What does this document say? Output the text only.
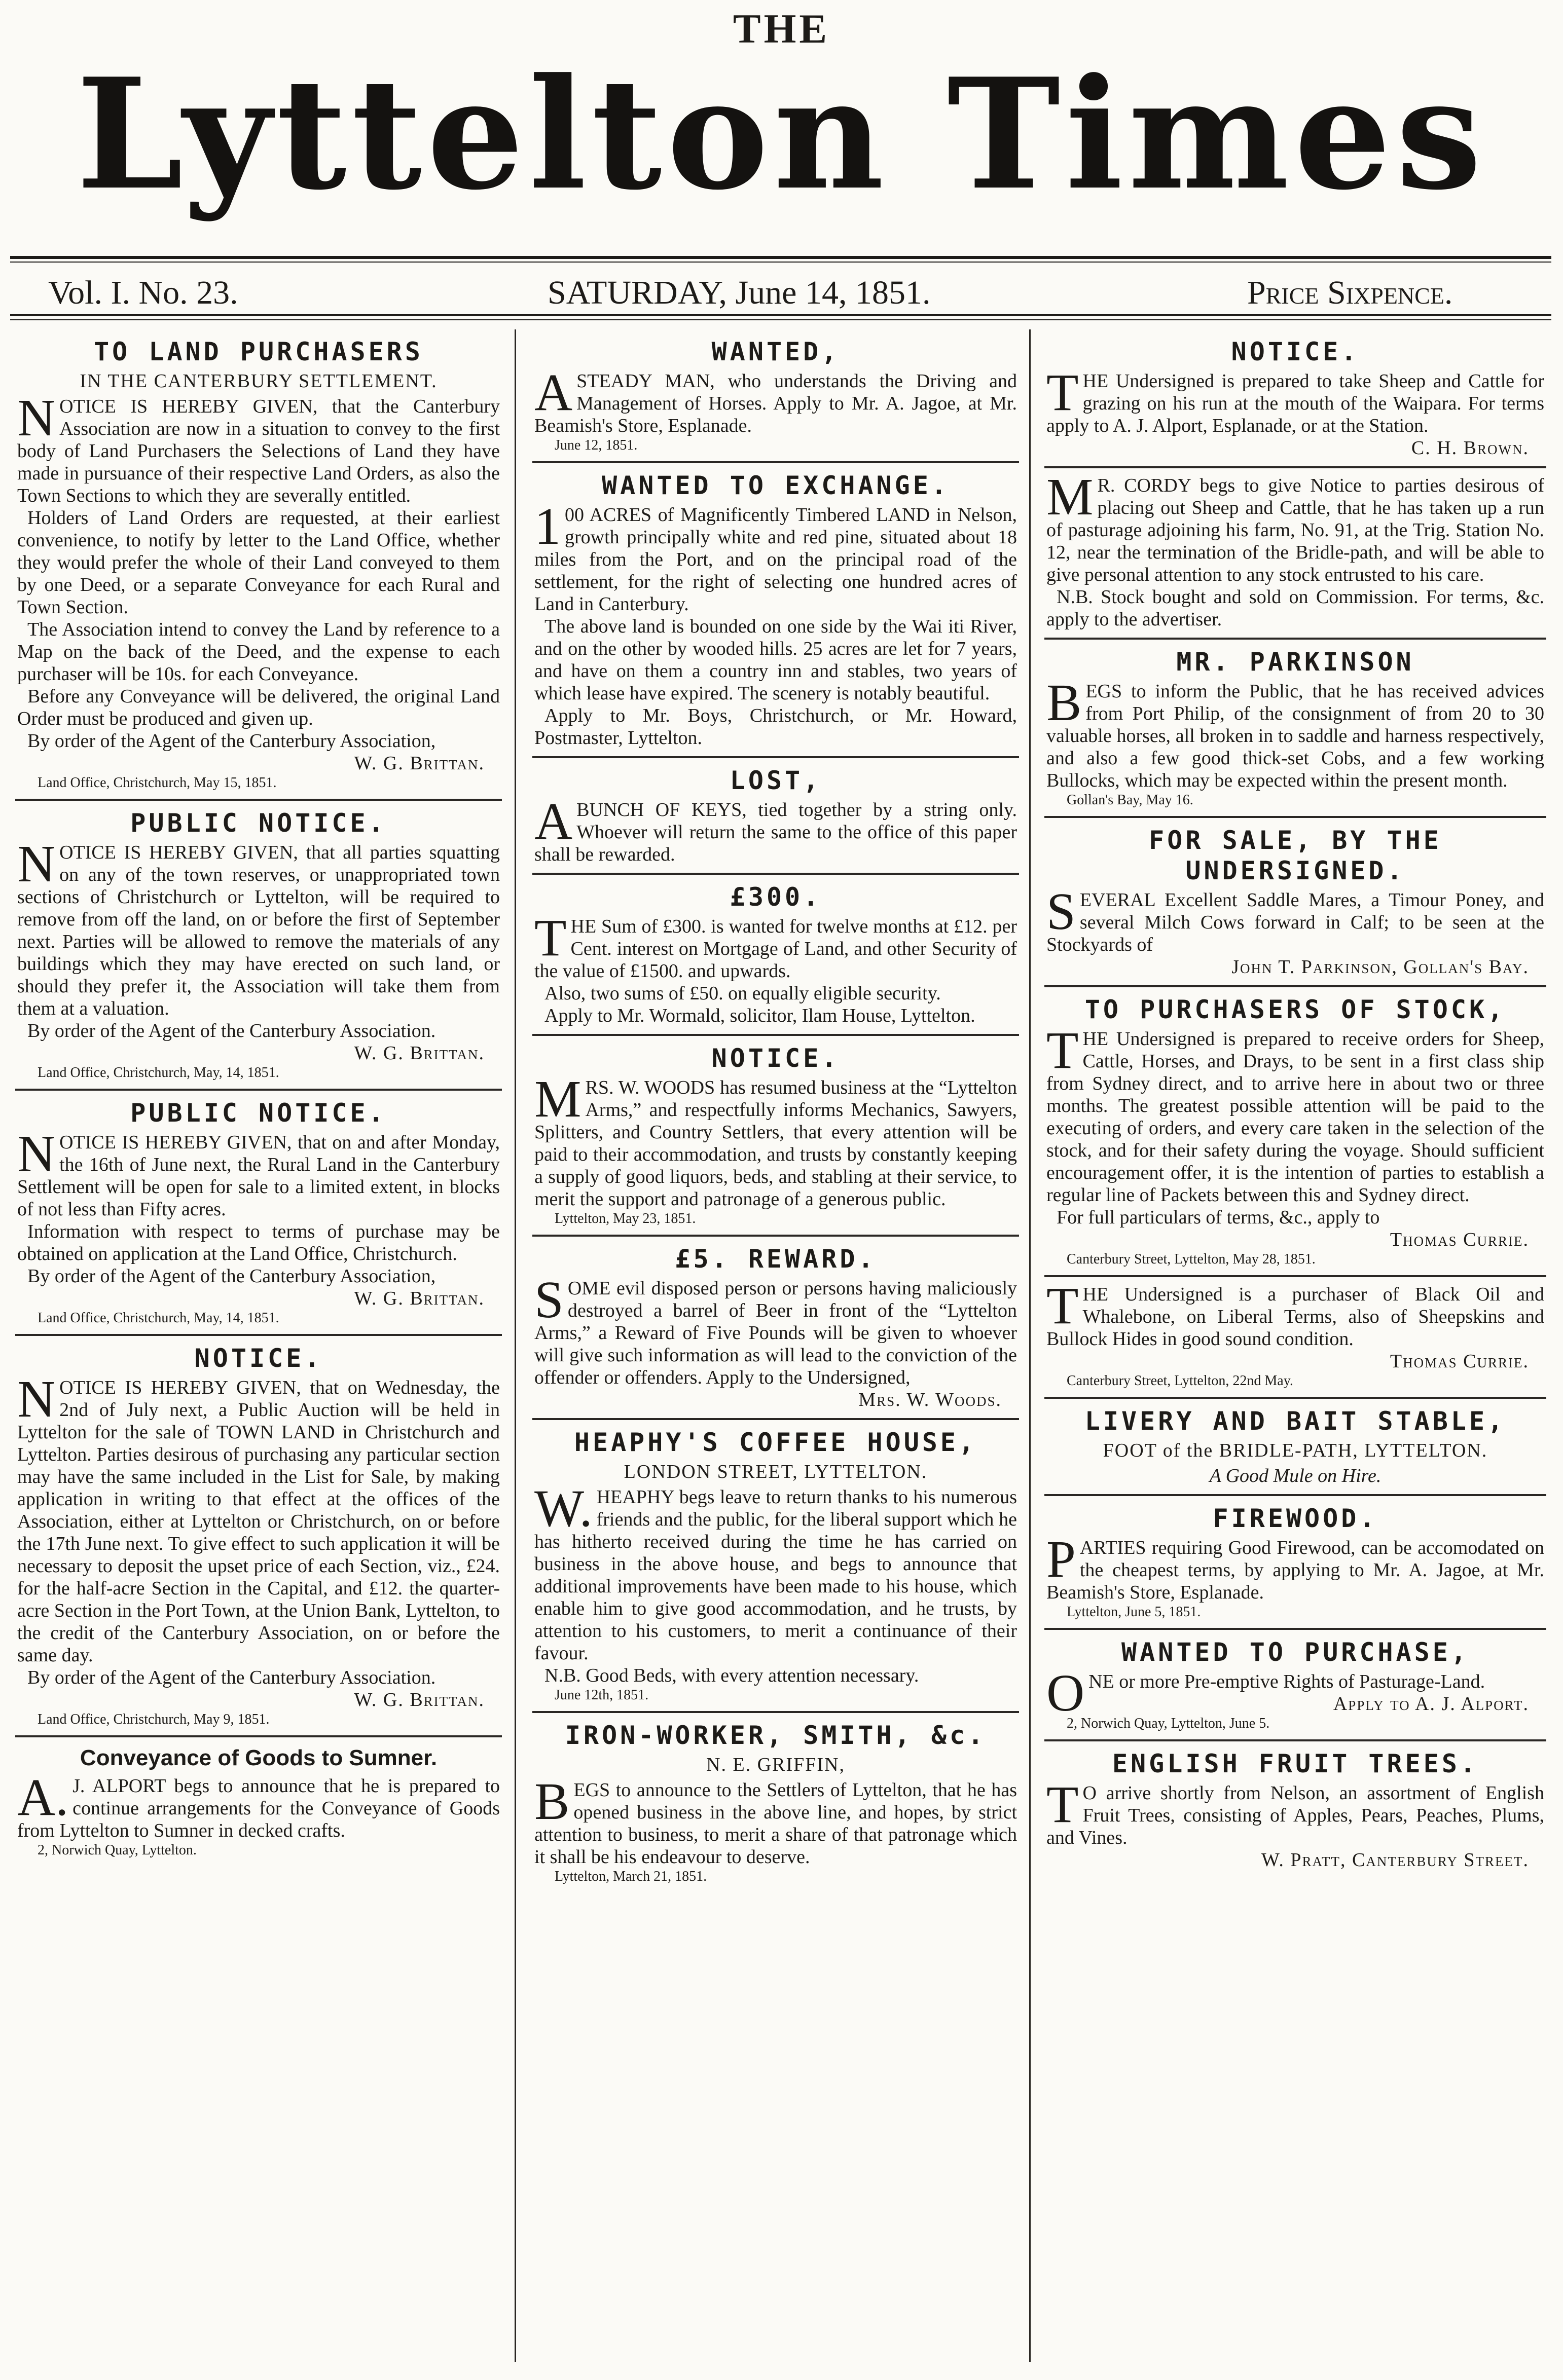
THE
Lyttelton Times
Vol. I. No. 23.	SATURDAY, June 14, 1851.	Price Sixpence.
TO LAND PURCHASERS
IN THE CANTERBURY SETTLEMENT.

NOTICE IS HEREBY GIVEN, that the Canterbury Association are now in a situation to convey to the first body of Land Purchasers the Selections of Land they have made in pursuance of their respective Land Orders, as also the Town Sections to which they are severally entitled.

Holders of Land Orders are requested, at their earliest convenience, to notify by letter to the Land Office, whether they would prefer the whole of their Land conveyed to them by one Deed, or a separate Conveyance for each Rural and Town Section.

The Association intend to convey the Land by reference to a Map on the back of the Deed, and the expense to each purchaser will be 10s. for each Conveyance.

Before any Conveyance will be delivered, the original Land Order must be produced and given up.

By order of the Agent of the Canterbury Association,

W. G. Brittan.
Land Office, Christchurch, May 15, 1851.
PUBLIC NOTICE.

NOTICE IS HEREBY GIVEN, that all parties squatting on any of the town reserves, or unappropriated town sections of Christchurch or Lyttelton, will be required to remove from off the land, on or before the first of September next. Parties will be allowed to remove the materials of any buildings which they may have erected on such land, or should they prefer it, the Association will take them from them at a valuation.

By order of the Agent of the Canterbury Association.

W. G. Brittan.
Land Office, Christchurch, May, 14, 1851.
PUBLIC NOTICE.

NOTICE IS HEREBY GIVEN, that on and after Monday, the 16th of June next, the Rural Land in the Canterbury Settlement will be open for sale to a limited extent, in blocks of not less than Fifty acres.

Information with respect to terms of purchase may be obtained on application at the Land Office, Christchurch.

By order of the Agent of the Canterbury Association,

W. G. Brittan.
Land Office, Christchurch, May, 14, 1851.
NOTICE.

NOTICE IS HEREBY GIVEN, that on Wednesday, the 2nd of July next, a Public Auction will be held in Lyttelton for the sale of TOWN LAND in Christchurch and Lyttelton. Parties desirous of purchasing any particular section may have the same included in the List for Sale, by making application in writing to that effect at the offices of the Association, either at Lyttelton or Christchurch, on or before the 17th June next. To give effect to such application it will be necessary to deposit the upset price of each Section, viz., £24. for the half-acre Section in the Capital, and £12. the quarter-acre Section in the Port Town, at the Union Bank, Lyttelton, to the credit of the Canterbury Association, on or before the same day.

By order of the Agent of the Canterbury Association.

W. G. Brittan.
Land Office, Christchurch, May 9, 1851.
Conveyance of Goods to Sumner.

A.J. ALPORT begs to announce that he is prepared to continue arrangements for the Conveyance of Goods from Lyttelton to Sumner in decked crafts.

2, Norwich Quay, Lyttelton.
WANTED,

ASTEADY MAN, who understands the Driving and Management of Horses. Apply to Mr. A. Jagoe, at Mr. Beamish's Store, Esplanade.

June 12, 1851.
WANTED TO EXCHANGE.

100 ACRES of Magnificently Timbered LAND in Nelson, growth principally white and red pine, situated about 18 miles from the Port, and on the principal road of the settlement, for the right of selecting one hundred acres of Land in Canterbury.

The above land is bounded on one side by the Wai iti River, and on the other by wooded hills. 25 acres are let for 7 years, and have on them a country inn and stables, two years of which lease have expired. The scenery is notably beautiful.

Apply to Mr. Boys, Christchurch, or Mr. Howard, Postmaster, Lyttelton.

LOST,

ABUNCH OF KEYS, tied together by a string only. Whoever will return the same to the office of this paper shall be rewarded.

£300.

THE Sum of £300. is wanted for twelve months at £12. per Cent. interest on Mortgage of Land, and other Security of the value of £1500. and upwards.

Also, two sums of £50. on equally eligible security.

Apply to Mr. Wormald, solicitor, Ilam House, Lyttelton.

NOTICE.

MRS. W. WOODS has resumed business at the “Lyttelton Arms,” and respectfully informs Mechanics, Sawyers, Splitters, and Country Settlers, that every attention will be paid to their accommodation, and trusts by constantly keeping a supply of good liquors, beds, and stabling at their service, to merit the support and patronage of a generous public.

Lyttelton, May 23, 1851.
£5. REWARD.

SOME evil disposed person or persons having maliciously destroyed a barrel of Beer in front of the “Lyttelton Arms,” a Reward of Five Pounds will be given to whoever will give such information as will lead to the conviction of the offender or offenders. Apply to the Undersigned,

Mrs. W. Woods.
HEAPHY'S COFFEE HOUSE,
LONDON STREET, LYTTELTON.

W.HEAPHY begs leave to return thanks to his numerous friends and the public, for the liberal support which he has hitherto received during the time he has carried on business in the above house, and begs to announce that additional improvements have been made to his house, which enable him to give good accommodation, and he trusts, by attention to his customers, to merit a continuance of their favour.

N.B. Good Beds, with every attention necessary.

June 12th, 1851.
IRON-WORKER, SMITH, &c.
N. E. GRIFFIN,

BEGS to announce to the Settlers of Lyttelton, that he has opened business in the above line, and hopes, by strict attention to business, to merit a share of that patronage which it shall be his endeavour to deserve.

Lyttelton, March 21, 1851.
NOTICE.

THE Undersigned is prepared to take Sheep and Cattle for grazing on his run at the mouth of the Waipara. For terms apply to A. J. Alport, Esplanade, or at the Station.

C. H. Brown.

MR. CORDY begs to give Notice to parties desirous of placing out Sheep and Cattle, that he has taken up a run of pasturage adjoining his farm, No. 91, at the Trig. Station No. 12, near the termination of the Bridle-path, and will be able to give personal attention to any stock entrusted to his care.

N.B. Stock bought and sold on Commission. For terms, &c. apply to the advertiser.

MR. PARKINSON

BEGS to inform the Public, that he has received advices from Port Philip, of the consignment of from 20 to 30 valuable horses, all broken in to saddle and harness respectively, and also a few good thick-set Cobs, and a few working Bullocks, which may be expected within the present month.

Gollan's Bay, May 16.
FOR SALE, BY THE UNDERSIGNED.

SEVERAL Excellent Saddle Mares, a Timour Poney, and several Milch Cows forward in Calf; to be seen at the Stockyards of

John T. Parkinson, Gollan's Bay.
TO PURCHASERS OF STOCK,

THE Undersigned is prepared to receive orders for Sheep, Cattle, Horses, and Drays, to be sent in a first class ship from Sydney direct, and to arrive here in about two or three months. The greatest possible attention will be paid to the executing of orders, and every care taken in the selection of the stock, and for their safety during the voyage. Should sufficient encouragement offer, it is the intention of parties to establish a regular line of Packets between this and Sydney direct.

For full particulars of terms, &c., apply to

Thomas Currie.
Canterbury Street, Lyttelton, May 28, 1851.

THE Undersigned is a purchaser of Black Oil and Whalebone, on Liberal Terms, also of Sheepskins and Bullock Hides in good sound condition.

Thomas Currie.
Canterbury Street, Lyttelton, 22nd May.
LIVERY AND BAIT STABLE,
FOOT of the BRIDLE-PATH, LYTTELTON.
A Good Mule on Hire.
FIREWOOD.

PARTIES requiring Good Firewood, can be accomodated on the cheapest terms, by applying to Mr. A. Jagoe, at Mr. Beamish's Store, Esplanade.

Lyttelton, June 5, 1851.
WANTED TO PURCHASE,

ONE or more Pre-emptive Rights of Pasturage-Land.

Apply to A. J. Alport.
2, Norwich Quay, Lyttelton, June 5.
ENGLISH FRUIT TREES.

TO arrive shortly from Nelson, an assortment of English Fruit Trees, consisting of Apples, Pears, Peaches, Plums, and Vines.

W. Pratt, Canterbury Street.
